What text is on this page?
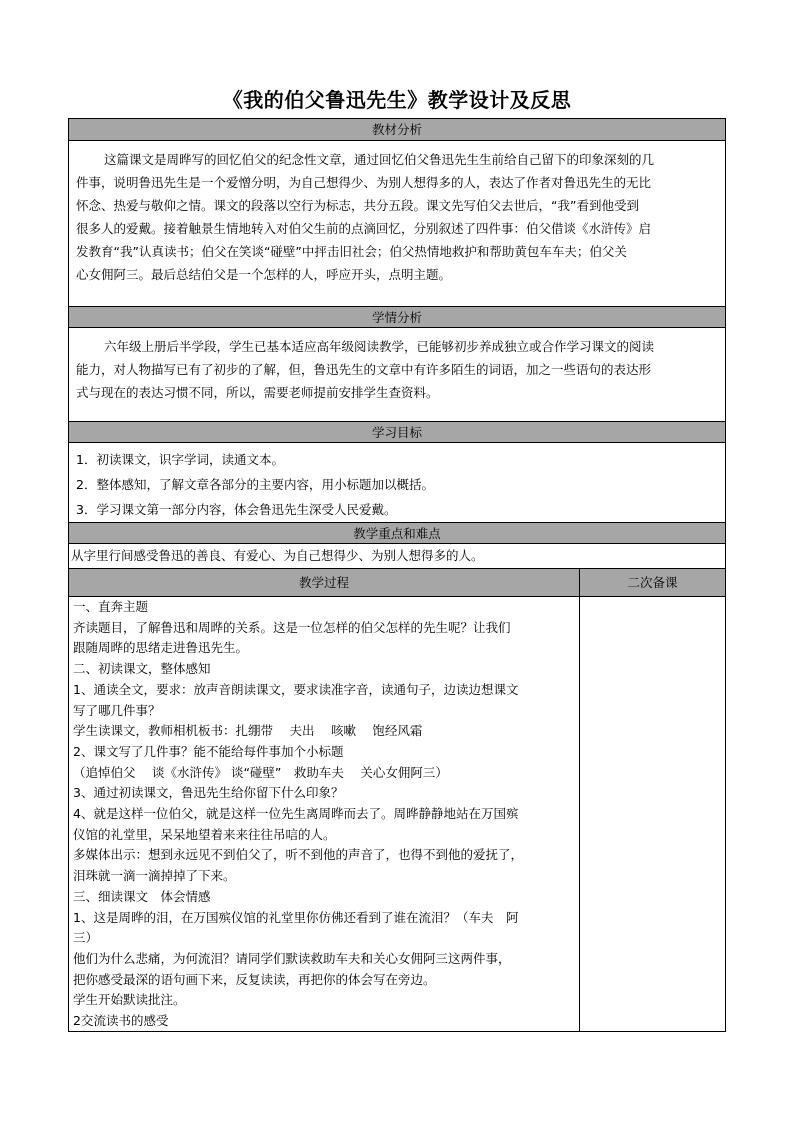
《我的伯父鲁迅先生》教学设计及反思
教材分析
这篇课文是周晔写的回忆伯父的纪念性文章，通过回忆伯父鲁迅先生生前给自己留下的印象深刻的几
件事，说明鲁迅先生是一个爱憎分明，为自己想得少、为别人想得多的人，表达了作者对鲁迅先生的无比
怀念、热爱与敬仰之情。课文的段落以空行为标志，共分五段。课文先写伯父去世后，“我”看到他受到
很多人的爱戴。接着触景生情地转入对伯父生前的点滴回忆，分别叙述了四件事：伯父借谈《水浒传》启
发教育“我”认真读书；伯父在笑谈“碰壁”中抨击旧社会；伯父热情地救护和帮助黄包车车夫；伯父关
心女佣阿三。最后总结伯父是一个怎样的人，呼应开头，点明主题。
学情分析
六年级上册后半学段，学生已基本适应高年级阅读教学，已能够初步养成独立或合作学习课文的阅读
能力，对人物描写已有了初步的了解，但，鲁迅先生的文章中有许多陌生的词语，加之一些语句的表达形
式与现在的表达习惯不同，所以，需要老师提前安排学生查资料。
学习目标
1．初读课文，识字学词，读通文本。
2．整体感知，了解文章各部分的主要内容，用小标题加以概括。
3．学习课文第一部分内容，体会鲁迅先生深受人民爱戴。
教学重点和难点
从字里行间感受鲁迅的善良、有爱心、为自己想得少、为别人想得多的人。
教学过程	二次备课
一、直奔主题
齐读题目，了解鲁迅和周晔的关系。这是一位怎样的伯父怎样的先生呢？让我们
跟随周晔的思绪走进鲁迅先生。
二、初读课文，整体感知
1、通读全文，要求：放声音朗读课文，要求读准字音，读通句子，边读边想课文
写了哪几件事？
学生读课文，教师相机板书：扎绷带　 夫出　 咳嗽　 饱经风霜
2、课文写了几件事？能不能给每件事加个小标题
（追悼伯父　 谈《水浒传》 谈“碰壁”　救助车夫　 关心女佣阿三）
3、通过初读课文，鲁迅先生给你留下什么印象？
4、就是这样一位伯父，就是这样一位先生离周晔而去了。周晔静静地站在万国殡
仪馆的礼堂里，呆呆地望着来来往往吊唁的人。
多媒体出示：想到永远见不到伯父了，听不到他的声音了，也得不到他的爱抚了，
泪珠就一滴一滴掉掉了下来。
三、细读课文　体会情感
1、这是周晔的泪，在万国殡仪馆的礼堂里你仿佛还看到了谁在流泪？（车夫　阿
三）
他们为什么悲痛，为何流泪？请同学们默读救助车夫和关心女佣阿三这两件事，
把你感受最深的语句画下来，反复读读，再把你的体会写在旁边。
学生开始默读批注。
2交流读书的感受
